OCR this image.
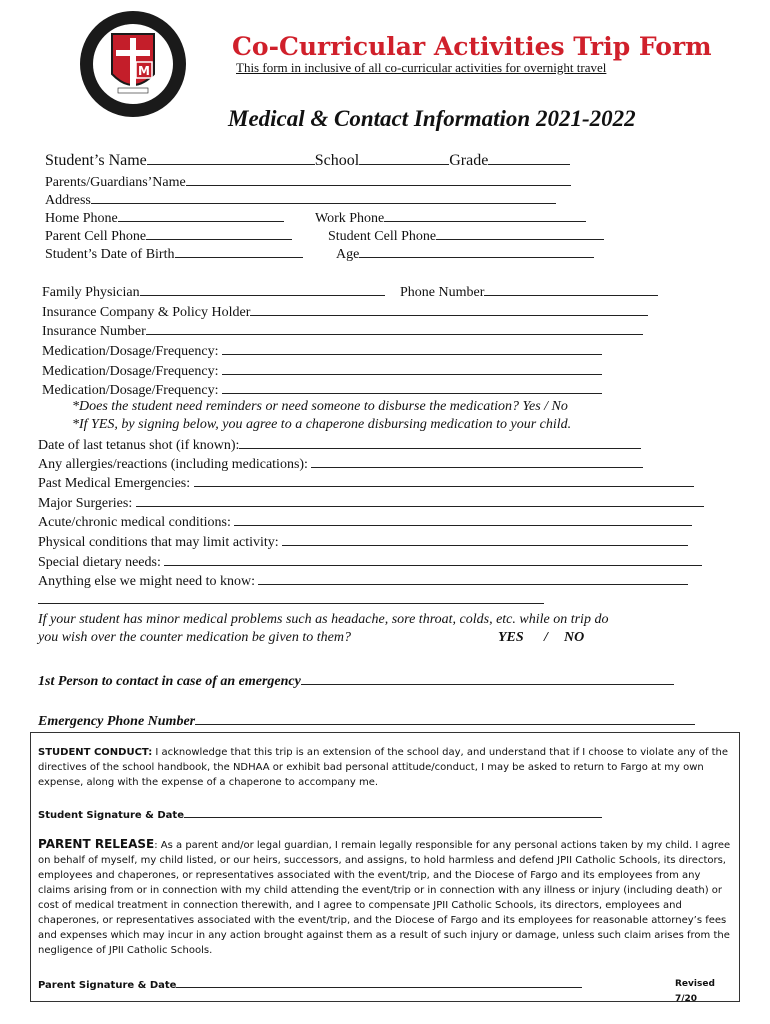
M
Co-Curricular Activities Trip Form
This form in inclusive of all co-curricular activities for overnight travel
Medical & Contact Information 2021-2022
Student’s Name	School	Grade
Parents/Guardians’Name
Address
Home Phone	Work Phone
Parent Cell Phone	Student Cell Phone
Student’s Date of Birth	Age
Family Physician	Phone Number
Insurance Company & Policy Holder
Insurance Number
Medication/Dosage/Frequency:
Medication/Dosage/Frequency:
Medication/Dosage/Frequency:
*Does the student need reminders or need someone to disburse the medication? Yes / No
*If YES, by signing below, you agree to a chaperone disbursing medication to your child.
Date of last tetanus shot (if known):
Any allergies/reactions (including medications):
Past Medical Emergencies:
Major Surgeries:
Acute/chronic medical conditions:
Physical conditions that may limit activity:
Special dietary needs:
Anything else we might need to know:
If your student has minor medical problems such as headache, sore throat, colds, etc. while on trip do
you wish over the counter medication be given to them?	YES / NO
1st Person to contact in case of an emergency
Emergency Phone Number
STUDENT CONDUCT: I acknowledge that this trip is an extension of the school day, and understand that if I choose to violate any of the directives of the school handbook, the NDHAA or exhibit bad personal attitude/conduct, I may be asked to return to Fargo at my own expense, along with the expense of a chaperone to accompany me.
Student Signature & Date
PARENT RELEASE: As a parent and/or legal guardian, I remain legally responsible for any personal actions taken by my child. I agree on behalf of myself, my child listed, or our heirs, successors, and assigns, to hold harmless and defend JPII Catholic Schools, its directors, employees and chaperones, or representatives associated with the event/trip, and the Diocese of Fargo and its employees from any claims arising from or in connection with my child attending the event/trip or in connection with any illness or injury (including death) or cost of medical treatment in connection therewith, and I agree to compensate JPII Catholic Schools, its directors, employees and chaperones, or representatives associated with the event/trip, and the Diocese of Fargo and its employees for reasonable attorney’s fees and expenses which may incur in any action brought against them as a result of such injury or damage, unless such claim arises from the negligence of JPII Catholic Schools.
Parent Signature & Date	Revised 7/20
